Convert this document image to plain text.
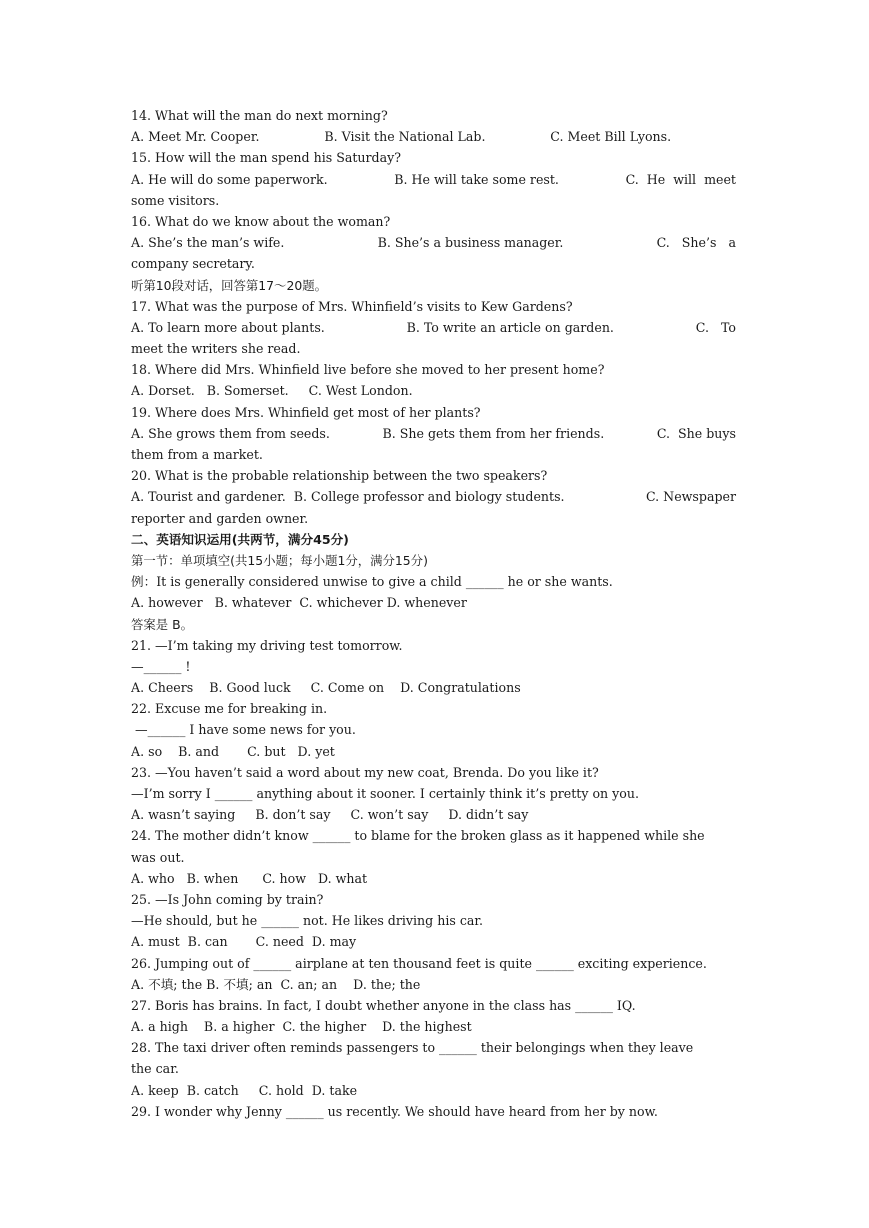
14. What will the man do next morning?
A. Meet Mr. Cooper.	B. Visit the National Lab.	C. Meet Bill Lyons.
15. How will the man spend his Saturday?
A. He will do some paperwork.	B. He will take some rest.	C.  He  will  meet
some visitors.
16. What do we know about the woman?
A. She’s the man’s wife.	B. She’s a business manager.	C.   She’s   a
company secretary.
听第10段对话，回答第17～20题。
17. What was the purpose of Mrs. Whinfield’s visits to Kew Gardens?
A. To learn more about plants.	B. To write an article on garden.	C.   To
meet the writers she read.
18. Where did Mrs. Whinfield live before she moved to her present home?
A. Dorset.   B. Somerset.     C. West London.
19. Where does Mrs. Whinfield get most of her plants?
A. She grows them from seeds.	B. She gets them from her friends.	C.  She buys
them from a market.
20. What is the probable relationship between the two speakers?
A. Tourist and gardener.  B. College professor and biology students.	C. Newspaper
reporter and garden owner.
二、英语知识运用(共两节，满分45分)
第一节：单项填空(共15小题；每小题1分，满分15分)
例：It is generally considered unwise to give a child ______ he or she wants.
A. however   B. whatever  C. whichever D. whenever
答案是 B。
21. —I’m taking my driving test tomorrow.
—______ !
A. Cheers    B. Good luck     C. Come on    D. Congratulations
22. Excuse me for breaking in.
—______ I have some news for you.
A. so    B. and       C. but   D. yet
23. —You haven’t said a word about my new coat, Brenda. Do you like it?
—I’m sorry I ______ anything about it sooner. I certainly think it’s pretty on you.
A. wasn’t saying     B. don’t say     C. won’t say     D. didn’t say
24. The mother didn’t know ______ to blame for the broken glass as it happened while she
was out.
A. who   B. when      C. how   D. what
25. —Is John coming by train?
—He should, but he ______ not. He likes driving his car.
A. must  B. can       C. need  D. may
26. Jumping out of ______ airplane at ten thousand feet is quite ______ exciting experience.
A. 不填; the B. 不填; an  C. an; an    D. the; the
27. Boris has brains. In fact, I doubt whether anyone in the class has ______ IQ.
A. a high    B. a higher  C. the higher    D. the highest
28. The taxi driver often reminds passengers to ______ their belongings when they leave
the car.
A. keep  B. catch     C. hold  D. take
29. I wonder why Jenny ______ us recently. We should have heard from her by now.
